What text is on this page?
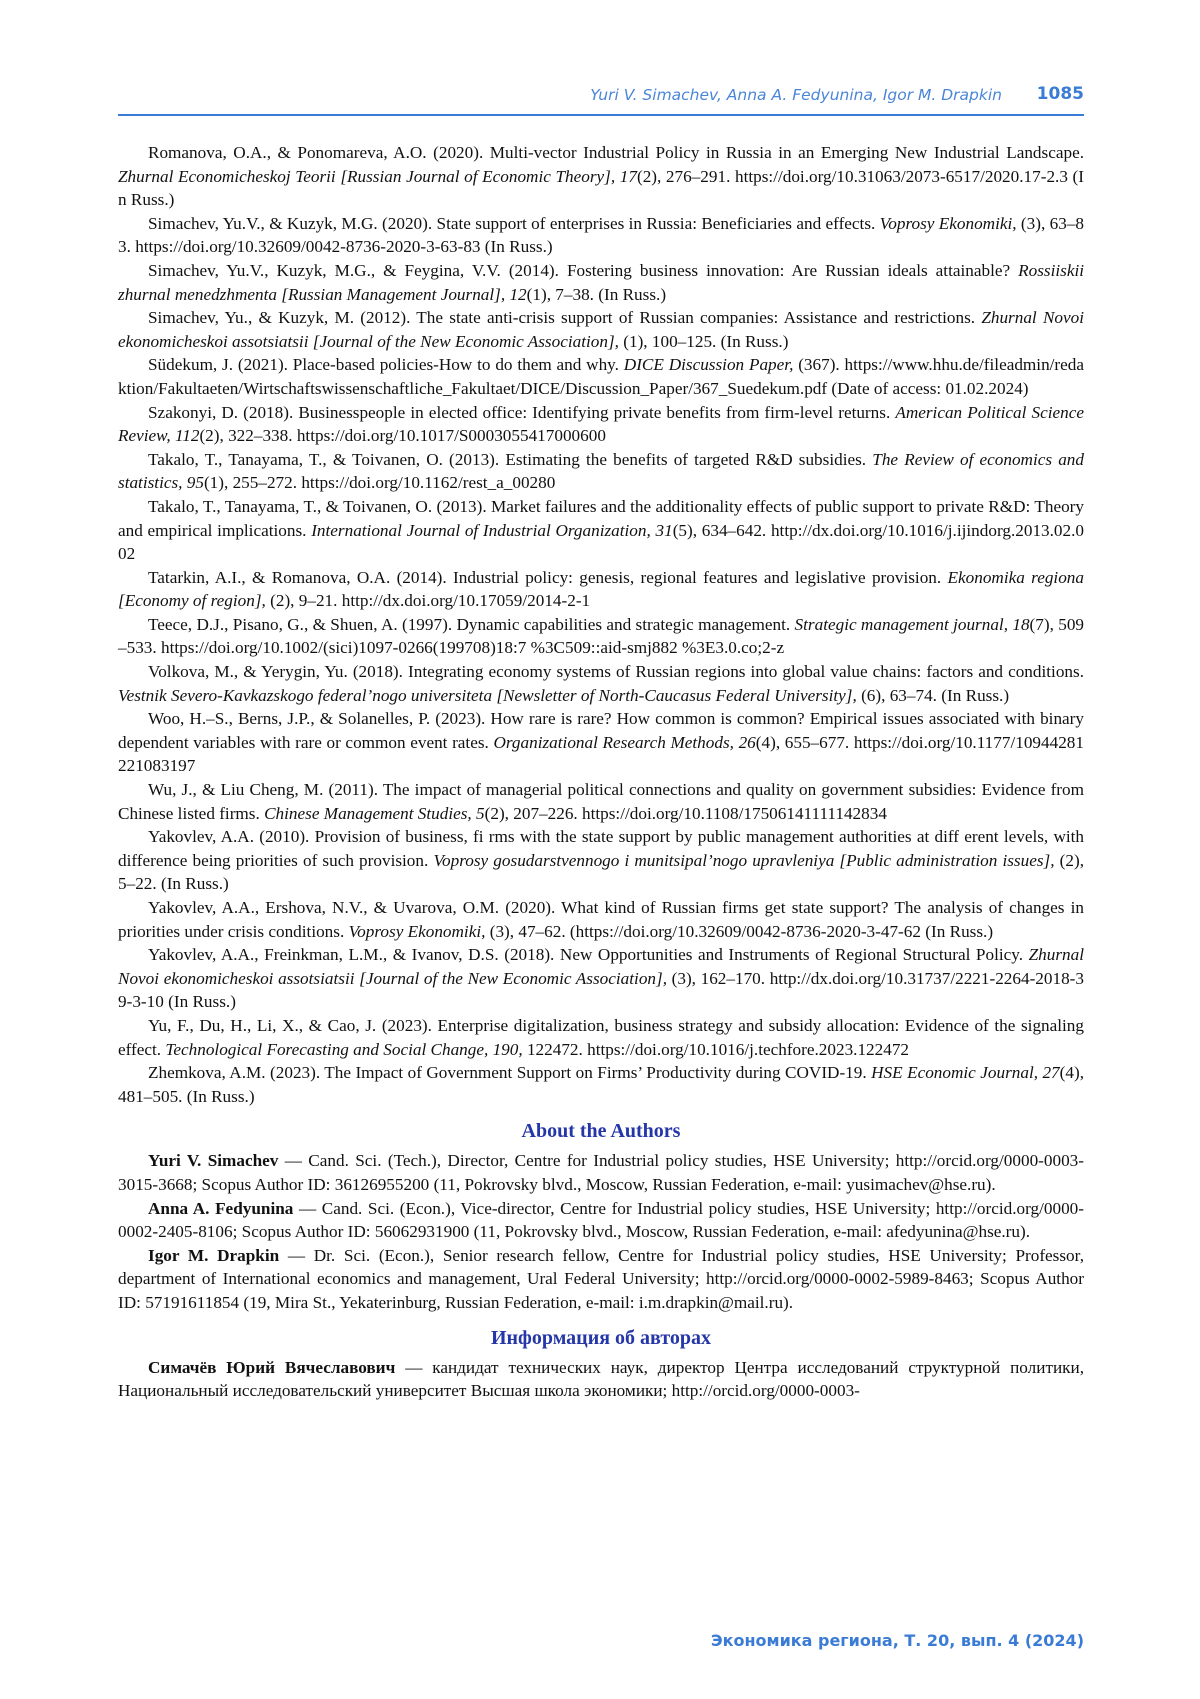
Yuri V. Simachev, Anna A. Fedyunina, Igor M. Drapkin 1085

Romanova, O.A., & Ponomareva, A.O. (2020). Multi-vector Industrial Policy in Russia in an Emerging New Industrial Landscape. Zhurnal Economicheskoj Teorii [Russian Journal of Economic Theory], 17(2), 276–291. https://doi.org/10.31063/2073-6517/2020.17-2.3 (In Russ.)

Simachev, Yu.V., & Kuzyk, M.G. (2020). State support of enterprises in Russia: Beneficiaries and effects. Voprosy Ekonomiki, (3), 63–83. https://doi.org/10.32609/0042-8736-2020-3-63-83 (In Russ.)

Simachev, Yu.V., Kuzyk, M.G., & Feygina, V.V. (2014). Fostering business innovation: Are Russian ideals attainable? Rossiiskii zhurnal menedzhmenta [Russian Management Journal], 12(1), 7–38. (In Russ.)

Simachev, Yu., & Kuzyk, M. (2012). The state anti-crisis support of Russian companies: Assistance and restrictions. Zhurnal Novoi ekonomicheskoi assotsiatsii [Journal of the New Economic Association], (1), 100–125. (In Russ.)

Südekum, J. (2021). Place-based policies-How to do them and why. DICE Discussion Paper, (367). https://www.hhu.de/fileadmin/redaktion/Fakultaeten/Wirtschaftswissenschaftliche_Fakultaet/DICE/Discussion_Paper/367_Suedekum.pdf (Date of access: 01.02.2024)

Szakonyi, D. (2018). Businesspeople in elected office: Identifying private benefits from firm-level returns. American Political Science Review, 112(2), 322–338. https://doi.org/10.1017/S0003055417000600

Takalo, T., Tanayama, T., & Toivanen, O. (2013). Estimating the benefits of targeted R&D subsidies. The Review of economics and statistics, 95(1), 255–272. https://doi.org/10.1162/rest_a_00280

Takalo, T., Tanayama, T., & Toivanen, O. (2013). Market failures and the additionality effects of public support to private R&D: Theory and empirical implications. International Journal of Industrial Organization, 31(5), 634–642. http://dx.doi.org/10.1016/j.ijindorg.2013.02.002

Tatarkin, A.I., & Romanova, O.A. (2014). Industrial policy: genesis, regional features and legislative provision. Ekonomika regiona [Economy of region], (2), 9–21. http://dx.doi.org/10.17059/2014-2-1

Teece, D.J., Pisano, G., & Shuen, A. (1997). Dynamic capabilities and strategic management. Strategic management journal, 18(7), 509–533. https://doi.org/10.1002/(sici)1097-0266(199708)18:7 %3C509::aid-smj882 %3E3.0.co;2-z

Volkova, M., & Yerygin, Yu. (2018). Integrating economy systems of Russian regions into global value chains: factors and conditions. Vestnik Severo-Kavkazskogo federal’nogo universiteta [Newsletter of North-Caucasus Federal University], (6), 63–74. (In Russ.)

Woo, H.–S., Berns, J.P., & Solanelles, P. (2023). How rare is rare? How common is common? Empirical issues associated with binary dependent variables with rare or common event rates. Organizational Research Methods, 26(4), 655–677. https://doi.org/10.1177/10944281221083197

Wu, J., & Liu Cheng, M. (2011). The impact of managerial political connections and quality on government subsidies: Evidence from Chinese listed firms. Chinese Management Studies, 5(2), 207–226. https://doi.org/10.1108/17506141111142834

Yakovlev, A.A. (2010). Provision of business, fi rms with the state support by public management authorities at diff erent levels, with difference being priorities of such provision. Voprosy gosudarstvennogo i munitsipal’nogo upravleniya [Public administration issues], (2), 5–22. (In Russ.)

Yakovlev, A.A., Ershova, N.V., & Uvarova, O.M. (2020). What kind of Russian firms get state support? The analysis of changes in priorities under crisis conditions. Voprosy Ekonomiki, (3), 47–62. (https://doi.org/10.32609/0042-8736-2020-3-47-62 (In Russ.)

Yakovlev, A.A., Freinkman, L.M., & Ivanov, D.S. (2018). New Opportunities and Instruments of Regional Structural Policy. Zhurnal Novoi ekonomicheskoi assotsiatsii [Journal of the New Economic Association], (3), 162–170. http://dx.doi.org/10.31737/2221-2264-2018-39-3-10 (In Russ.)

Yu, F., Du, H., Li, X., & Cao, J. (2023). Enterprise digitalization, business strategy and subsidy allocation: Evidence of the signaling effect. Technological Forecasting and Social Change, 190, 122472. https://doi.org/10.1016/j.techfore.2023.122472

Zhemkova, A.M. (2023). The Impact of Government Support on Firms’ Productivity during COVID-19. HSE Economic Journal, 27(4), 481–505. (In Russ.)

About the Authors

Yuri V. Simachev — Cand. Sci. (Tech.), Director, Centre for Industrial policy studies, HSE University; http://orcid.org/0000-0003-3015-3668; Scopus Author ID: 36126955200 (11, Pokrovsky blvd., Moscow, Russian Federation, e-mail: yusimachev@hse.ru).

Anna A. Fedyunina — Cand. Sci. (Econ.), Vice-director, Centre for Industrial policy studies, HSE University; http://orcid.org/0000-0002-2405-8106; Scopus Author ID: 56062931900 (11, Pokrovsky blvd., Moscow, Russian Federation, e-mail: afedyunina@hse.ru).

Igor M. Drapkin — Dr. Sci. (Econ.), Senior research fellow, Centre for Industrial policy studies, HSE University; Professor, department of International economics and management, Ural Federal University; http://orcid.org/0000-0002-5989-8463; Scopus Author ID: 57191611854 (19, Mira St., Yekaterinburg, Russian Federation, e-mail: i.m.drapkin@mail.ru).

Информация об авторах

Симачёв Юрий Вячеславович — кандидат технических наук, директор Центра исследований структурной политики, Национальный исследовательский университет Высшая школа экономики; http://orcid.org/0000-0003-

Экономика региона, Т. 20, вып. 4 (2024)
